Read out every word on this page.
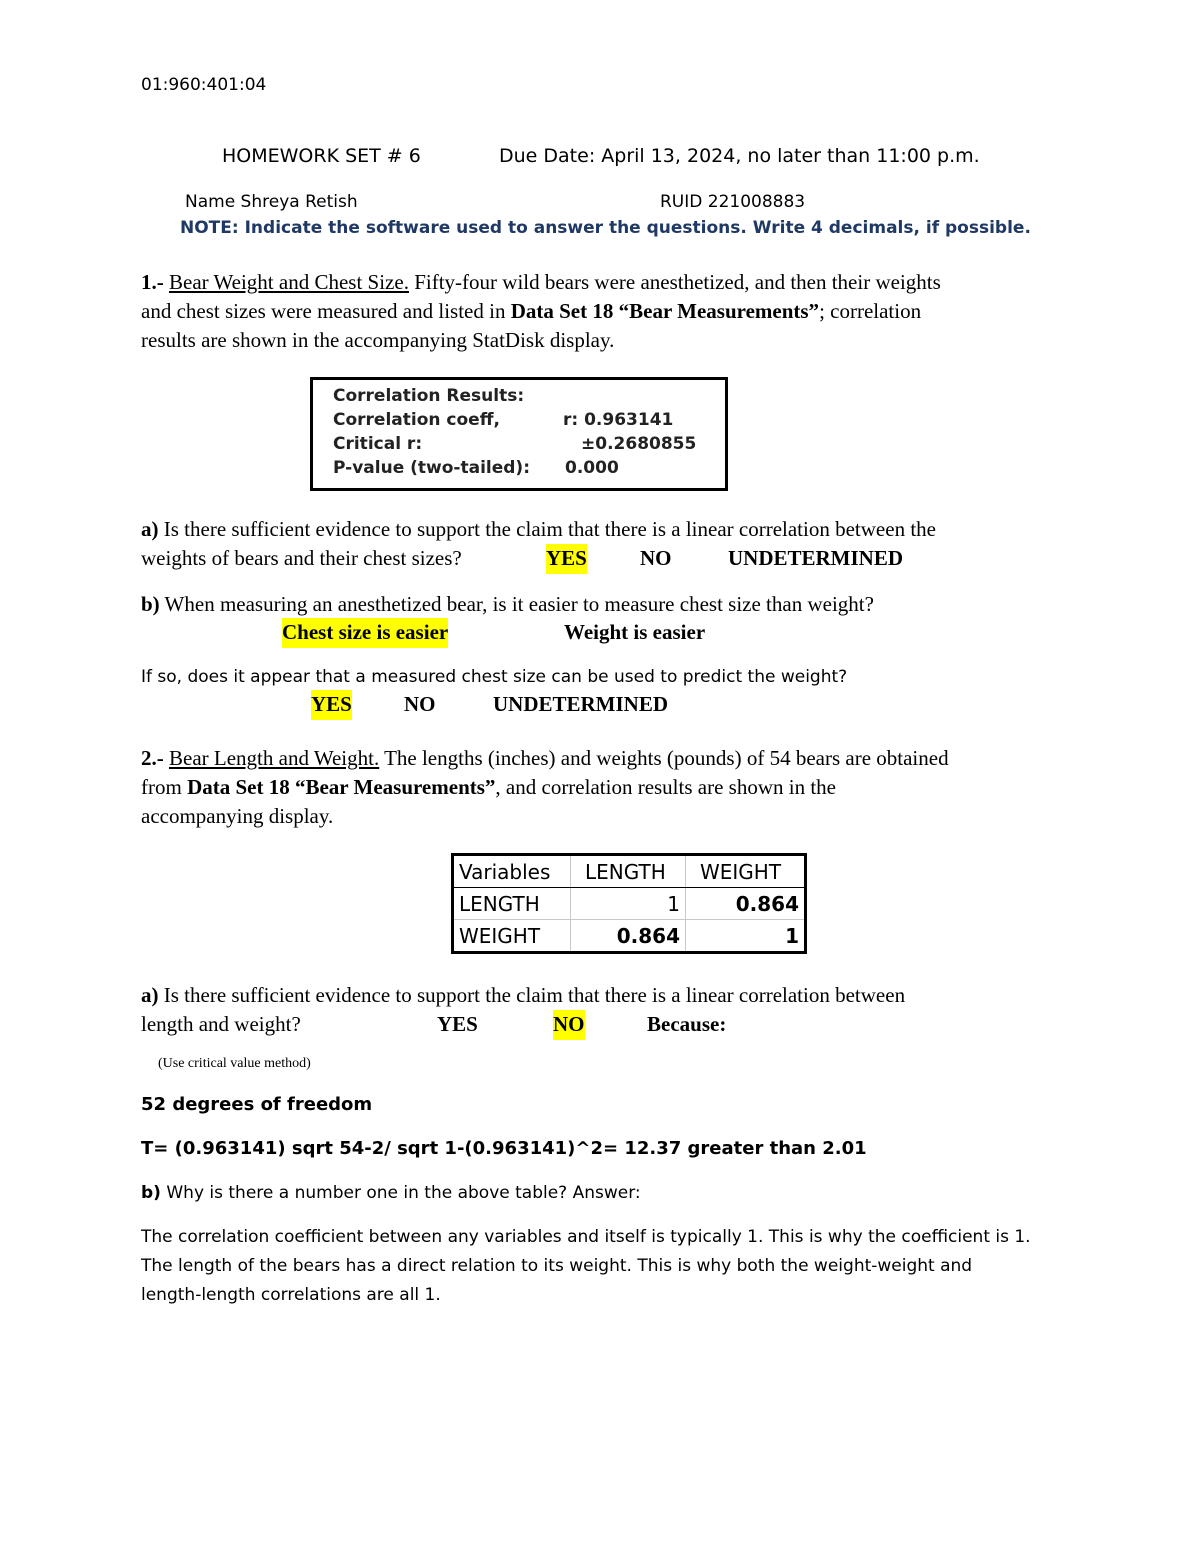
01:960:401:04
HOMEWORK SET # 6	Due Date: April 13, 2024, no later than 11:00 p.m.
Name Shreya Retish	RUID 221008883
NOTE: Indicate the software used to answer the questions. Write 4 decimals, if possible.
1.- Bear Weight and Chest Size. Fifty-four wild bears were anesthetized, and then their weights
and chest sizes were measured and listed in Data Set 18 “Bear Measurements”; correlation
results are shown in the accompanying StatDisk display.
Correlation Results:
Correlation coeff,	r: 0.963141
Critical r:	±0.2680855
P-value (two-tailed): 0.000
a) Is there sufficient evidence to support the claim that there is a linear correlation between the
weights of bears and their chest sizes?	YES	NO	UNDETERMINED
b) When measuring an anesthetized bear, is it easier to measure chest size than weight?
Chest size is easier	Weight is easier
If so, does it appear that a measured chest size can be used to predict the weight?
YES NO	UNDETERMINED
2.- Bear Length and Weight. The lengths (inches) and weights (pounds) of 54 bears are obtained
from Data Set 18 “Bear Measurements”, and correlation results are shown in the
accompanying display.
Variables	LENGTH	WEIGHT
LENGTH	1	0.864
WEIGHT	0.864	1
a) Is there sufficient evidence to support the claim that there is a linear correlation between
length and weight?	YES	NO	Because:
(Use critical value method)
52 degrees of freedom
T= (0.963141) sqrt 54-2/ sqrt 1-(0.963141)^2= 12.37 greater than 2.01
b) Why is there a number one in the above table? Answer:
The correlation coefficient between any variables and itself is typically 1. This is why the coefficient is 1.
The length of the bears has a direct relation to its weight. This is why both the weight-weight and
length-length correlations are all 1.
